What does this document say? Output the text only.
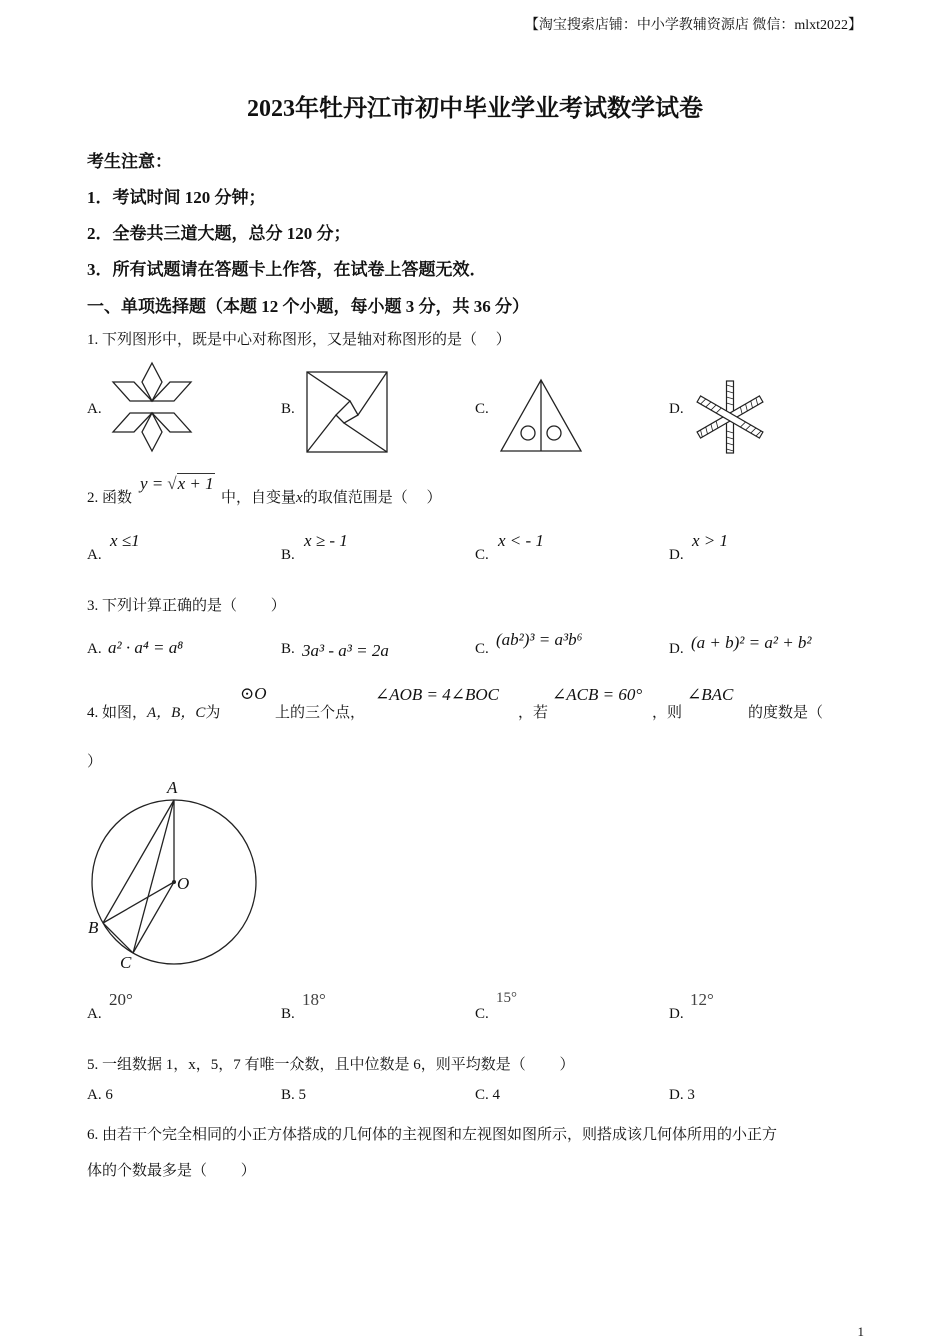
【淘宝搜索店铺：中小学教辅资源店 微信：mlxt2022】
2023年牡丹江市初中毕业学业考试数学试卷
考生注意：
1．考试时间 120 分钟；
2．全卷共三道大题，总分 120 分；
3．所有试题请在答题卡上作答，在试卷上答题无效．
一、单项选择题（本题 12 个小题，每小题 3 分，共 36 分）
1. 下列图形中，既是中心对称图形，又是轴对称图形的是（　 ）
A.	B.	C.	D.
2. 函数
y = √x + 1
中，自变量x的取值范围是（　 ）
A.
x ≤1
B.
x ≥ - 1
C.
x < - 1
D.
x > 1
3. 下列计算正确的是（　　 ）
A. a² · a⁴ = a⁸	B. 3a³ - a³ = 2a	C. (ab²)³ = a³b⁶	D. (a + b)² = a² + b²
4. 如图，A，B，C为
⊙O
上的三个点，
∠AOB = 4∠BOC
，若
∠ACB = 60°
，则
∠BAC
的度数是（
）
A
O
B
C
A.
20°
B.
18°
C.
15°
D.
12°
5. 一组数据 1，x，5，7 有唯一众数，且中位数是 6，则平均数是（　　 ）
A. 6	B. 5	C. 4	D. 3
6. 由若干个完全相同的小正方体搭成的几何体的主视图和左视图如图所示，则搭成该几何体所用的小正方
体的个数最多是（　　 ）
1
